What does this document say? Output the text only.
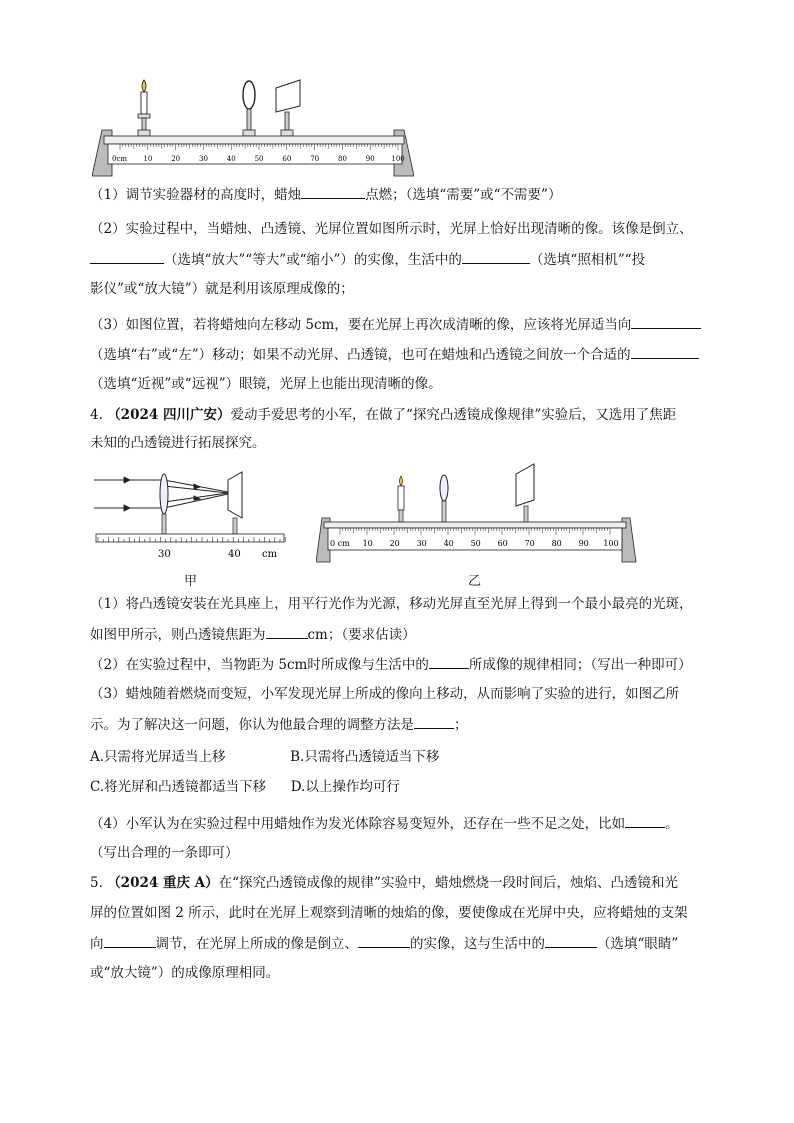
0cm 10	20	30	40	50	60	70	80	90 100
（1）调节实验器材的高度时，蜡烛	点燃；（选填“需要”或“不需要”）
（2）实验过程中，当蜡烛、凸透镜、光屏位置如图所示时，光屏上恰好出现清晰的像。该像是倒立、
（选填“放大”“等大”或“缩小”）的实像，生活中的	（选填“照相机”“投
影仪”或“放大镜”）就是利用该原理成像的；
（3）如图位置，若将蜡烛向左移动 5cm，要在光屏上再次成清晰的像，应该将光屏适当向
（选填“右”或“左”）移动；如果不动光屏、凸透镜，也可在蜡烛和凸透镜之间放一个合适的
（选填“近视”或“远视”）眼镜，光屏上也能出现清晰的像。
4. （2024 四川广安）爱动手爱思考的小军，在做了“探究凸透镜成像规律”实验后，又选用了焦距
未知的凸透镜进行拓展探究。
30	40 cm
甲
0 cm 10 20 30 40 50 60 70 80 90 100
乙
（1）将凸透镜安装在光具座上，用平行光作为光源，移动光屏直至光屏上得到一个最小最亮的光斑，
如图甲所示，则凸透镜焦距为	cm；（要求估读）
（2）在实验过程中，当物距为 5cm时所成像与生活中的	所成像的规律相同；（写出一种即可）
（3）蜡烛随着燃烧而变短，小军发现光屏上所成的像向上移动，从而影响了实验的进行，如图乙所
示。为了解决这一问题，你认为他最合理的调整方法是	；
A.只需将光屏适当上移	B.只需将凸透镜适当下移
C.将光屏和凸透镜都适当下移 D.以上操作均可行
（4）小军认为在实验过程中用蜡烛作为发光体除容易变短外，还存在一些不足之处，比如	。
（写出合理的一条即可）
5. （2024 重庆 A）在“探究凸透镜成像的规律”实验中，蜡烛燃烧一段时间后，烛焰、凸透镜和光
屏的位置如图 2 所示，此时在光屏上观察到清晰的烛焰的像，要使像成在光屏中央，应将蜡烛的支架
向	调节，在光屏上所成的像是倒立、	的实像，这与生活中的	（选填“眼睛”
或“放大镜”）的成像原理相同。
